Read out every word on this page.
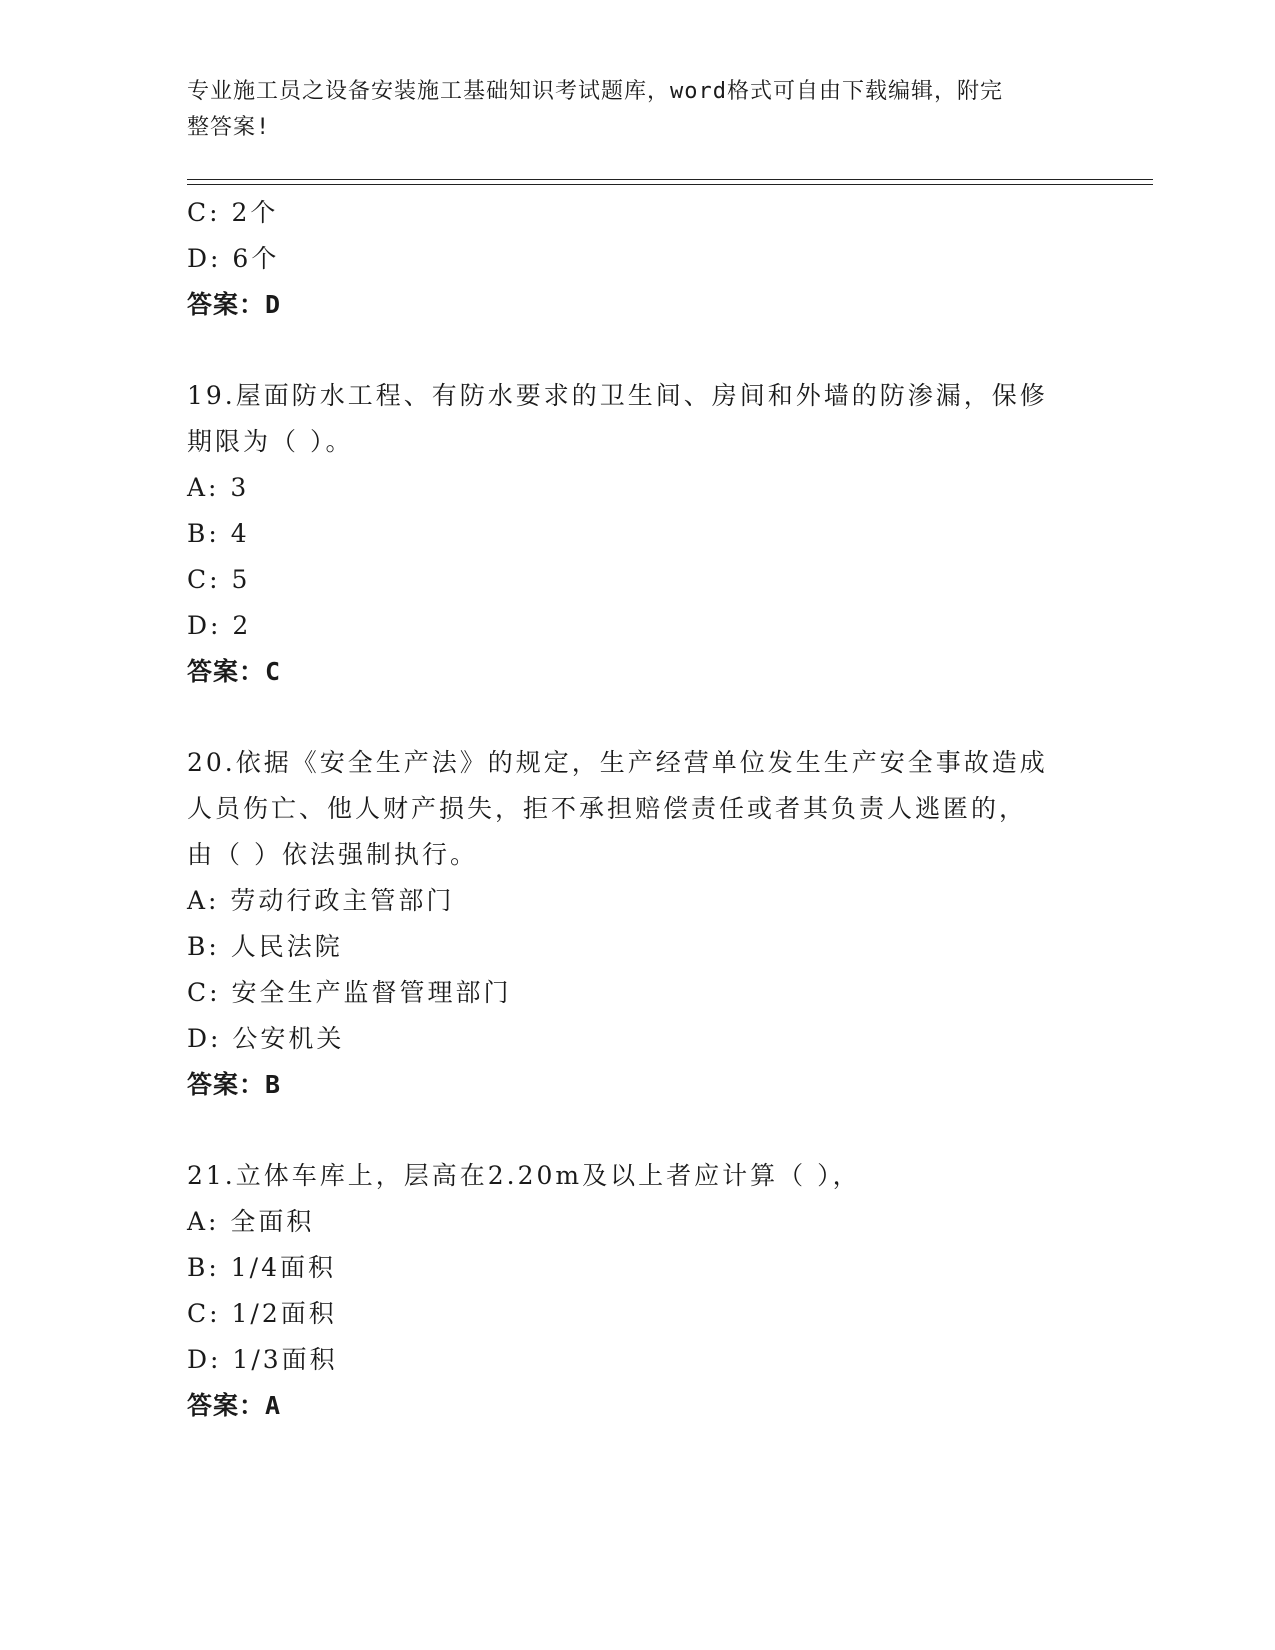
专业施工员之设备安装施工基础知识考试题库，word格式可自由下载编辑，附完
整答案!
C: 2个
D: 6个
答案：D
19.屋面防水工程、有防水要求的卫生间、房间和外墙的防渗漏，保修
期限为（ ）。
A: 3
B: 4
C: 5
D: 2
答案：C
20.依据《安全生产法》的规定，生产经营单位发生生产安全事故造成
人员伤亡、他人财产损失，拒不承担赔偿责任或者其负责人逃匿的，
由（ ）依法强制执行。
A: 劳动行政主管部门
B: 人民法院
C: 安全生产监督管理部门
D: 公安机关
答案：B
21.立体车库上，层高在2.20m及以上者应计算（ ），
A: 全面积
B: 1/4面积
C: 1/2面积
D: 1/3面积
答案：A
